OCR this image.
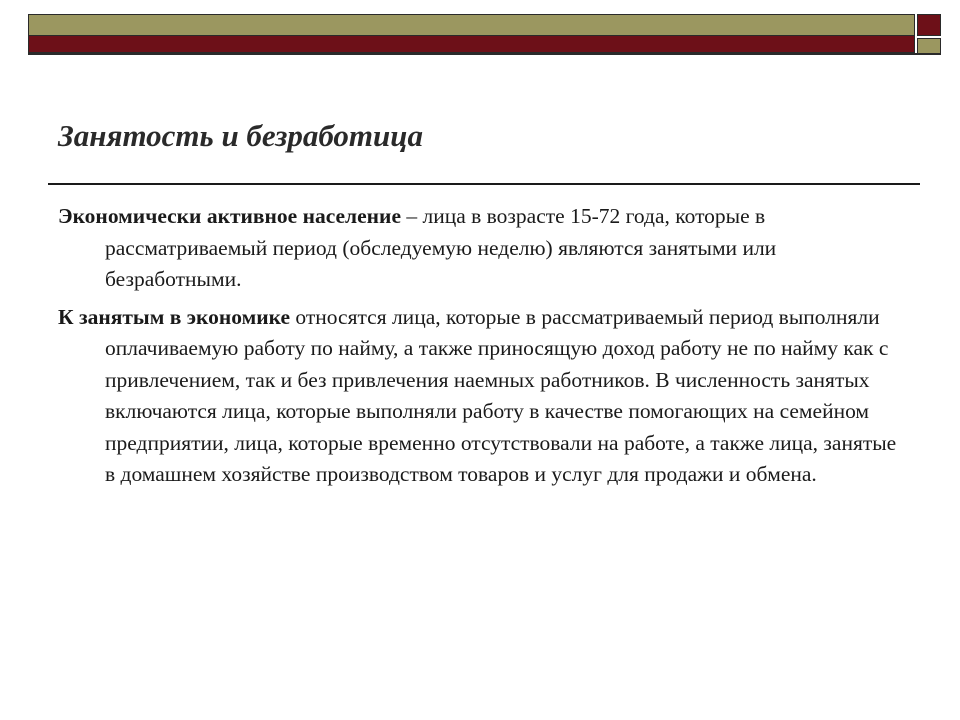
Занятость и безработица

Экономически активное население – лица в возрасте 15-72 года, которые в рассматриваемый период (обследуемую неделю) являются занятыми или безработными.

К занятым в экономике относятся лица, которые в рассматриваемый период выполняли оплачиваемую работу по найму, а также приносящую доход работу не по найму как с привлечением, так и без привлечения наемных работников. В численность занятых включаются лица, которые выполняли работу в качестве помогающих на семейном предприятии, лица, которые временно отсутствовали на работе, а также лица, занятые в домашнем хозяйстве производством товаров и услуг для продажи и обмена.
